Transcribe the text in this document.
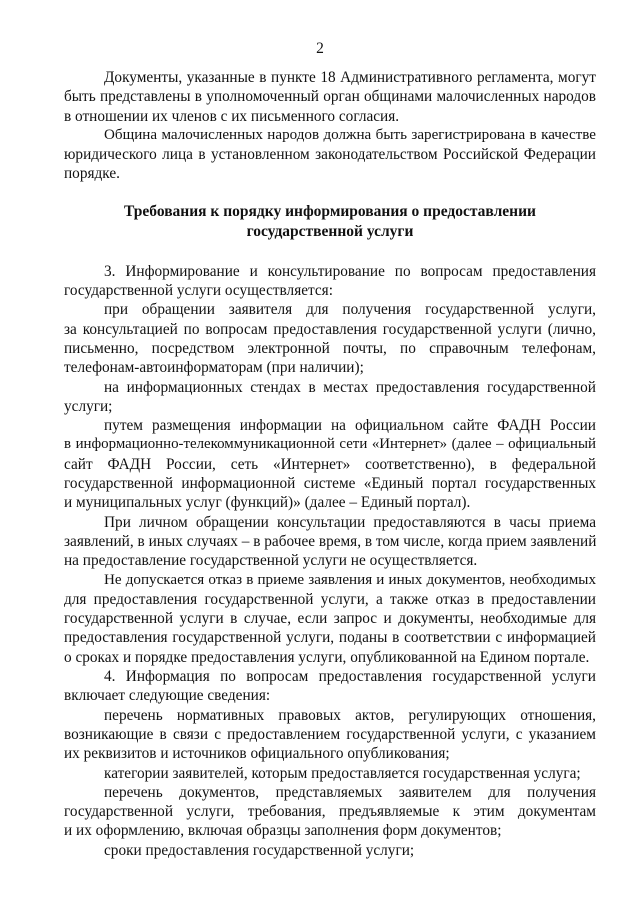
2
Документы, указанные в пункте 18 Административного регламента, могут
быть представлены в уполномоченный орган общинами малочисленных народов
в отношении их членов с их письменного согласия.
Община малочисленных народов должна быть зарегистрирована в качестве
юридического лица в установленном законодательством Российской Федерации
порядке.
Требования к порядку информирования о предоставлении
государственной услуги
3. Информирование и консультирование по вопросам предоставления
государственной услуги осуществляется:
при обращении заявителя для получения государственной услуги,
за консультацией по вопросам предоставления государственной услуги (лично,
письменно, посредством электронной почты, по справочным телефонам,
телефонам-автоинформаторам (при наличии);
на информационных стендах в местах предоставления государственной
услуги;
путем размещения информации на официальном сайте ФАДН России
в информационно-телекоммуникационной сети «Интернет» (далее – официальный
сайт ФАДН России, сеть «Интернет» соответственно), в федеральной
государственной информационной системе «Единый портал государственных
и муниципальных услуг (функций)» (далее – Единый портал).
При личном обращении консультации предоставляются в часы приема
заявлений, в иных случаях – в рабочее время, в том числе, когда прием заявлений
на предоставление государственной услуги не осуществляется.
Не допускается отказ в приеме заявления и иных документов, необходимых
для предоставления государственной услуги, а также отказ в предоставлении
государственной услуги в случае, если запрос и документы, необходимые для
предоставления государственной услуги, поданы в соответствии с информацией
о сроках и порядке предоставления услуги, опубликованной на Едином портале.
4. Информация по вопросам предоставления государственной услуги
включает следующие сведения:
перечень нормативных правовых актов, регулирующих отношения,
возникающие в связи с предоставлением государственной услуги, с указанием
их реквизитов и источников официального опубликования;
категории заявителей, которым предоставляется государственная услуга;
перечень документов, представляемых заявителем для получения
государственной услуги, требования, предъявляемые к этим документам
и их оформлению, включая образцы заполнения форм документов;
сроки предоставления государственной услуги;
